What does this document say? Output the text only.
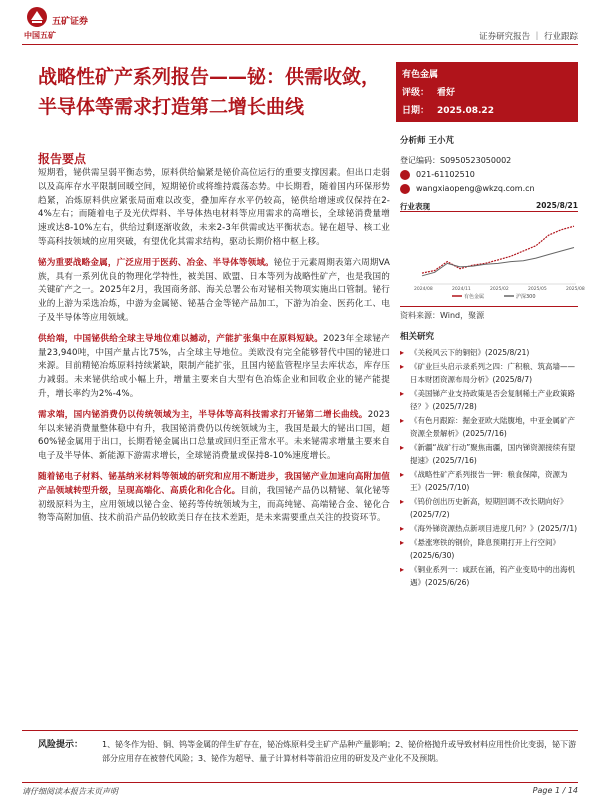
五矿证券
中国五矿	证券研究报告 ｜ 行业跟踪
战略性矿产系列报告——铋：供需收敛，半导体等需求打造第二增长曲线
有色金属
评级： 看好
日期： 2025.08.22
分析师 王小芃
登记编码：S0950523050002
021-61102510
wangxiaopeng@wkzq.com.cn
行业表现	2025/8/21
2024/08	2024/11	2025/02	2025/05	2025/08
有色金属	沪深300
资料来源：Wind，聚源
相关研究
▸ 《关税风云下的铜铝》(2025/8/21)
▸ 《矿业巨头启示录系列之四：广积粮、筑高墙——日本财团资源布局分析》(2025/8/7)
▸ 《美国锑产业支持政策是否会复制稀土产业政策路径？》(2025/7/28)
▸ 《有色月跟踪：掘金亚欧大陆腹地，中亚金属矿产资源全景解析》(2025/7/16)
▸ 《新疆“战矿行动”聚焦南疆，国内锑资源接续有望提速》(2025/7/16)
▸ 《战略性矿产系列报告一钾：粮食保障，资源为王》(2025/7/10)
▸ 《钨价创出历史新高，短期回调不改长期向好》(2025/7/2)
▸ 《海外锑资源热点新项目进度几何？》(2025/7/1)
▸ 《悬涨寒铁的钢价，降息预期打开上行空间》(2025/6/30)
▸ 《铜业系列一：咸跃在涌，钨产业变局中的出海机遇》(2025/6/26)
报告要点

短期看，铋供需呈弱平衡态势，原料供给偏紧是铋价高位运行的重要支撑因素。但出口走弱以及高库存水平限制回暖空间，短期铋价或将维持震荡态势。中长期看，随着国内环保形势趋紧，冶炼原料供应紧张局面难以改变，叠加库存水平仍较高，铋供给增速或仅保持在2-4%左右；而随着电子及光伏焊料、半导体热电材料等应用需求的高增长，全球铋消费量增速或达8-10%左右，供给过剩逐渐收敛，未来2-3年供需或达平衡状态。铋在超导、核工业等高科技领域的应用突破，有望优化其需求结构，驱动长期价格中枢上移。

铋为重要战略金属，广泛应用于医药、冶金、半导体等领域。铋位于元素周期表第六周期VA族，具有一系列优良的物理化学特性，被美国、欧盟、日本等列为战略性矿产，也是我国的关键矿产之一。2025年2月，我国商务部、海关总署公布对铋相关物项实施出口管制。铋行业的上游为采选冶炼，中游为金属铋、铋基合金等铋产品加工，下游为冶金、医药化工、电子及半导体等应用领域。

供给端，中国铋供给全球主导地位难以撼动，产能扩张集中在原料短缺。2023年全球铋产量23,940吨，中国产量占比75%，占全球主导地位。美欧没有完全能够替代中国的铋进口来源。目前精铋冶炼原料持续紧缺，限制产能扩张，且国内铋监管程序呈去库状态，库存压力减弱。未来铋供给或小幅上升，增量主要来自大型有色冶炼企业和回收企业的铋产能提升，增长率约为2%-4%。

需求端，国内铋消费仍以传统领域为主，半导体等高科技需求打开铋第二增长曲线。2023年以来铋消费量整体稳中有升，我国铋消费仍以传统领域为主，我国是最大的铋出口国，超60%铋金属用于出口，长期看铋金属出口总量或回归至正常水平。未来铋需求增量主要来自电子及半导体、新能源下游需求增长，全球铋消费量或保持8-10%速度增长。

随着铋电子材料、铋基纳米材料等领域的研究和应用不断进步，我国铋产业加速向高附加值产品领域转型升级，呈现高端化、高质化和化合化。目前，我国铋产品仍以精铋、氧化铋等初级原料为主，应用领域以铋合金、铋药等传统领域为主，而高纯铋、高端铋合金、铋化合物等高附加值、技术前沿产品仍较欧美日存在技术差距，是未来需要重点关注的投资环节。

风险提示： 1、铋冬作为铅、铜、钨等金属的伴生矿存在，铋冶炼原料受主矿产品种产量影响；2、铋价格抛升或导致材料应用性价比变弱，铋下游部分应用存在被替代风险；3、铋作为超导、量子计算材料等前沿应用的研发及产业化不及预期。
请仔细阅读本报告末页声明	Page 1 / 14
